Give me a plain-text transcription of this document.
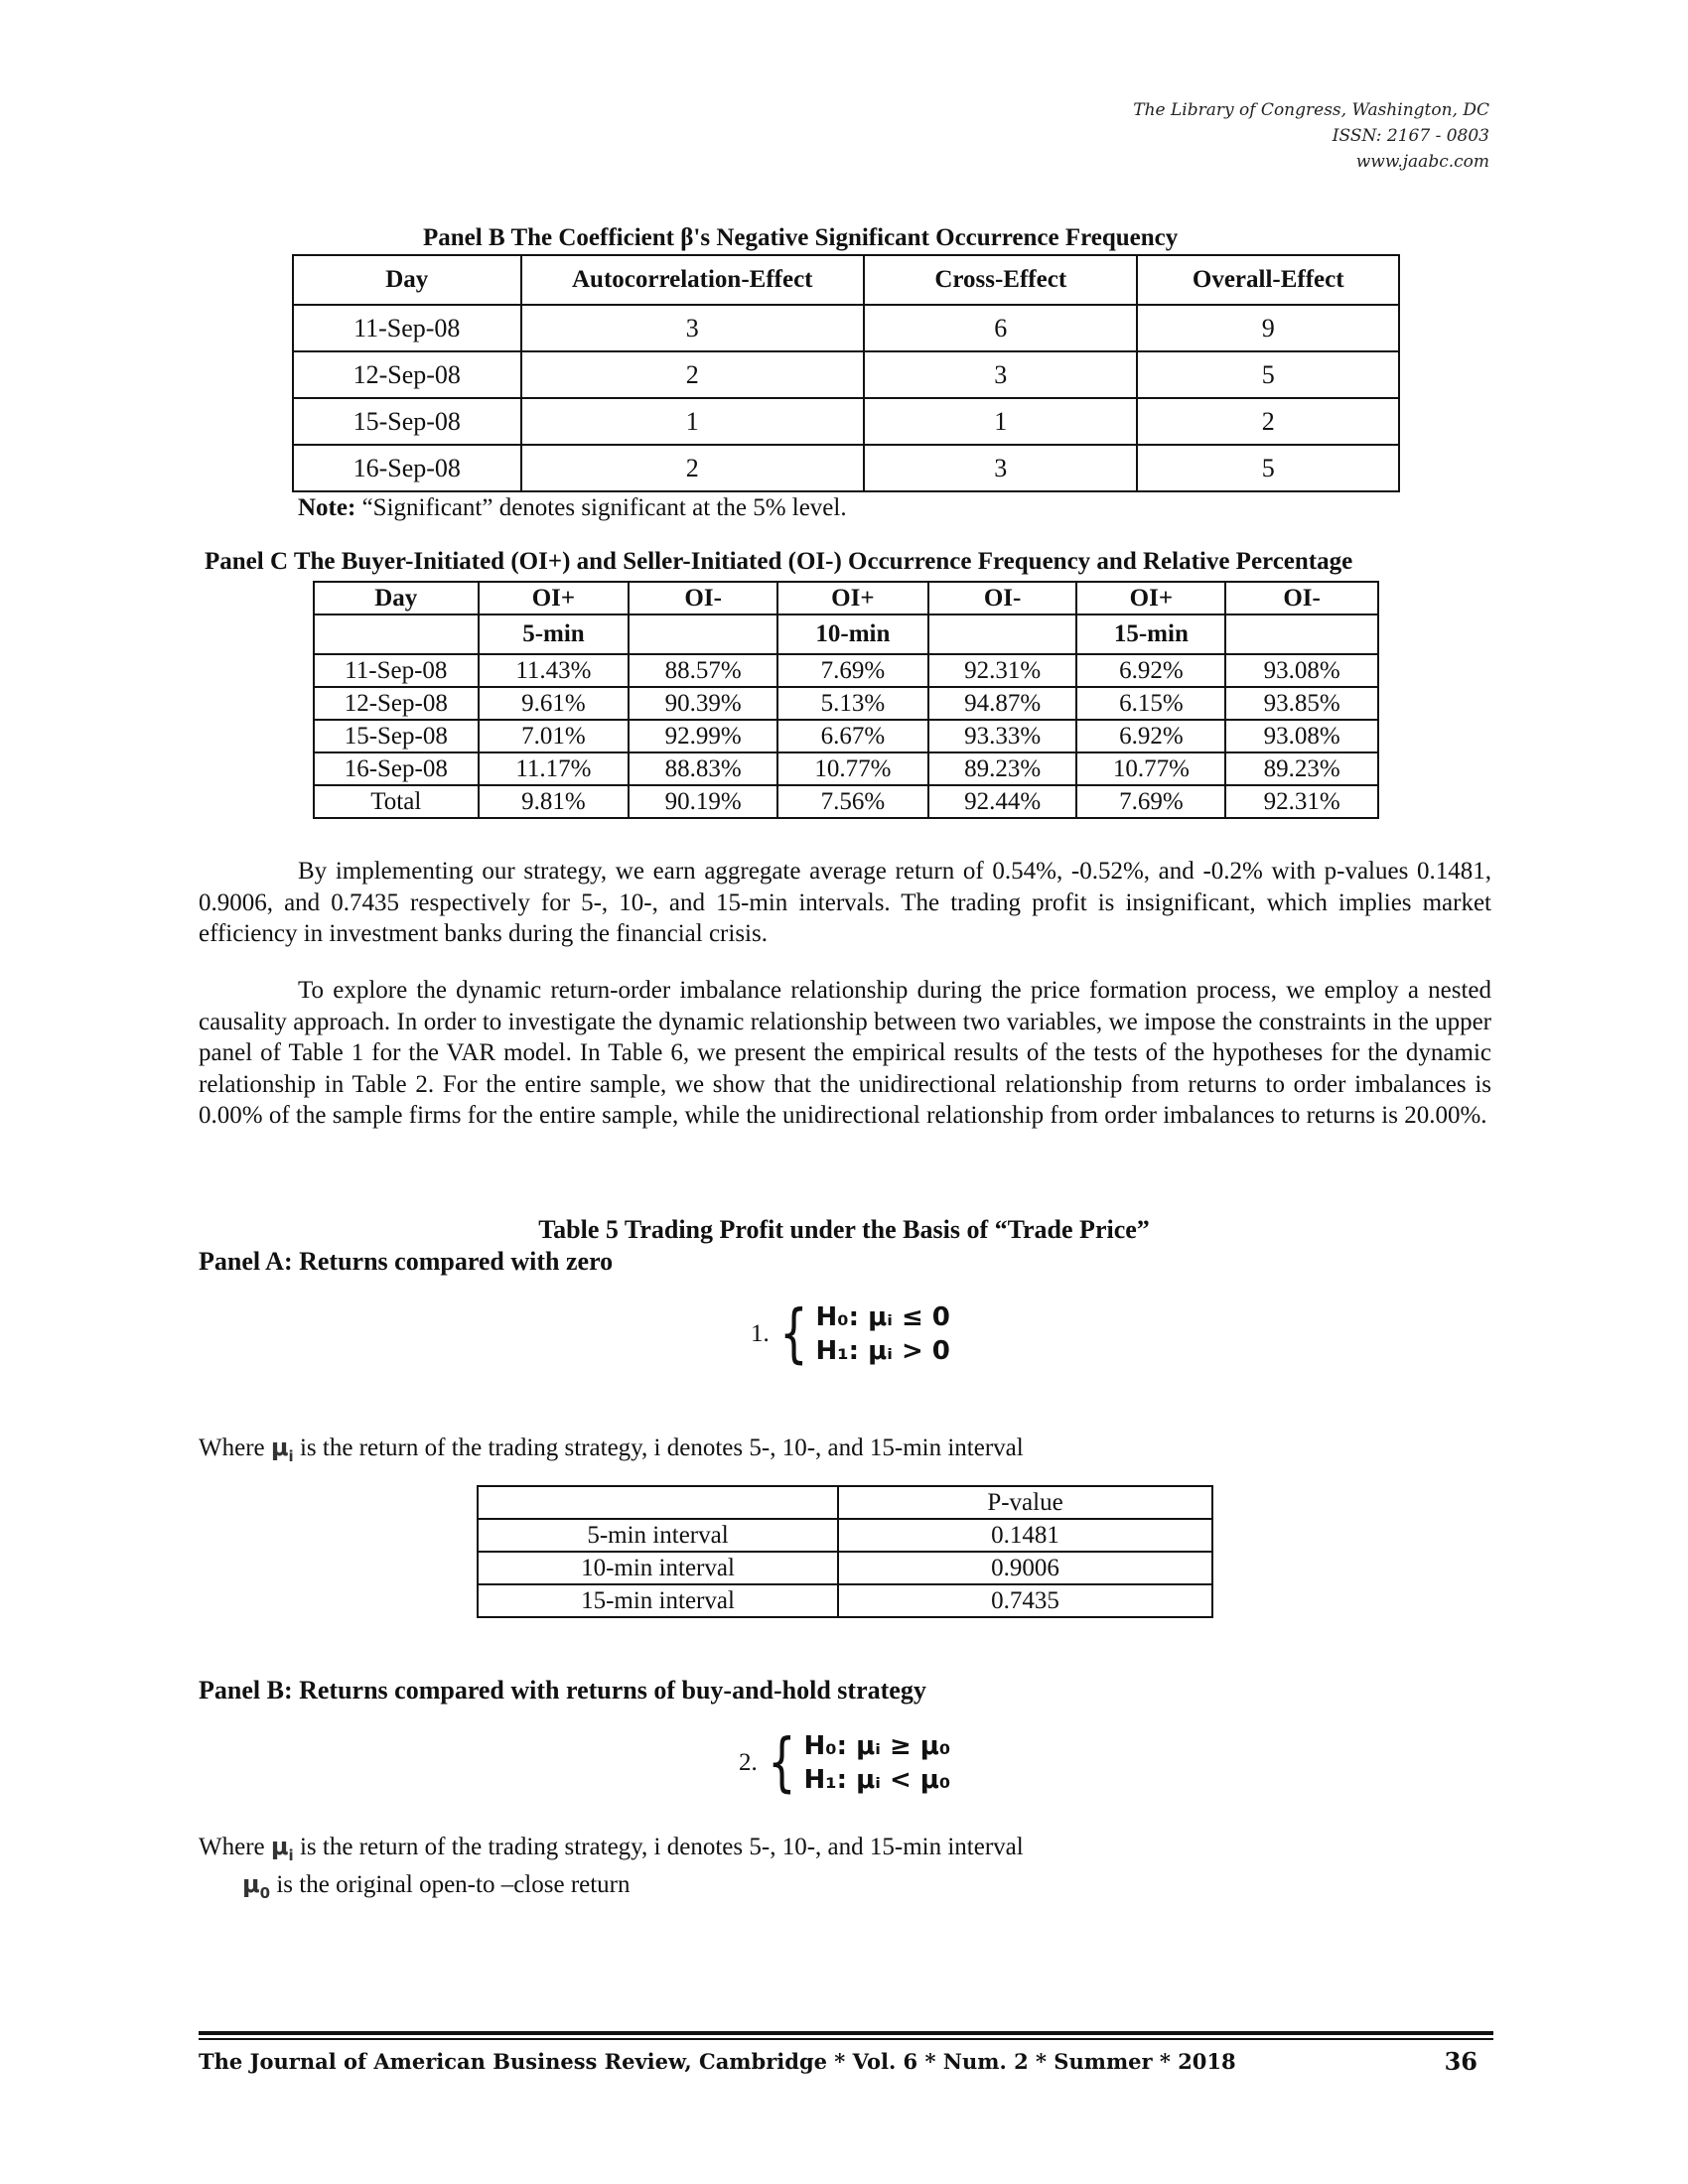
The Library of Congress, Washington, DC
ISSN: 2167 - 0803
www.jaabc.com
Panel B The Coefficient β's Negative Significant Occurrence Frequency
Day	Autocorrelation-Effect	Cross-Effect	Overall-Effect
11-Sep-08	3	6	9
12-Sep-08	2	3	5
15-Sep-08	1	1	2
16-Sep-08	2	3	5
Note: “Significant” denotes significant at the 5% level.
Panel C The Buyer-Initiated (OI+) and Seller-Initiated (OI-) Occurrence Frequency and Relative Percentage
Day	OI+	OI-	OI+	OI-	OI+	OI-
	5-min		10-min		15-min	
11-Sep-08	11.43%	88.57%	7.69%	92.31%	6.92%	93.08%
12-Sep-08	9.61%	90.39%	5.13%	94.87%	6.15%	93.85%
15-Sep-08	7.01%	92.99%	6.67%	93.33%	6.92%	93.08%
16-Sep-08	11.17%	88.83%	10.77%	89.23%	10.77%	89.23%
Total	9.81%	90.19%	7.56%	92.44%	7.69%	92.31%

By implementing our strategy, we earn aggregate average return of 0.54%, -0.52%, and -0.2% with p-values 0.1481, 0.9006, and 0.7435 respectively for 5-, 10-, and 15-min intervals. The trading profit is insignificant, which implies market efficiency in investment banks during the financial crisis.

To explore the dynamic return-order imbalance relationship during the price formation process, we employ a nested causality approach. In order to investigate the dynamic relationship between two variables, we impose the constraints in the upper panel of Table 1 for the VAR model. In Table 6, we present the empirical results of the tests of the hypotheses for the dynamic relationship in Table 2. For the entire sample, we show that the unidirectional relationship from returns to order imbalances is 0.00% of the sample firms for the entire sample, while the unidirectional relationship from order imbalances to returns is 20.00%.

Table 5 Trading Profit under the Basis of “Trade Price”
Panel A: Returns compared with zero
1. { H₀: μᵢ ≤ 0
H₁: μᵢ > 0
Where $\mu_i$ is the return of the trading strategy, i denotes 5-, 10-, and 15-min interval
	P-value
5-min interval	0.1481
10-min interval	0.9006
15-min interval	0.7435
Panel B: Returns compared with returns of buy-and-hold strategy
2. { H₀: μᵢ ≥ μ₀
H₁: μᵢ < μ₀
Where $\mu_i$ is the return of the trading strategy, i denotes 5-, 10-, and 15-min interval
$\mu_0$ is the original open-to –close return
The Journal of American Business Review, Cambridge * Vol. 6 * Num. 2 * Summer * 2018	36
